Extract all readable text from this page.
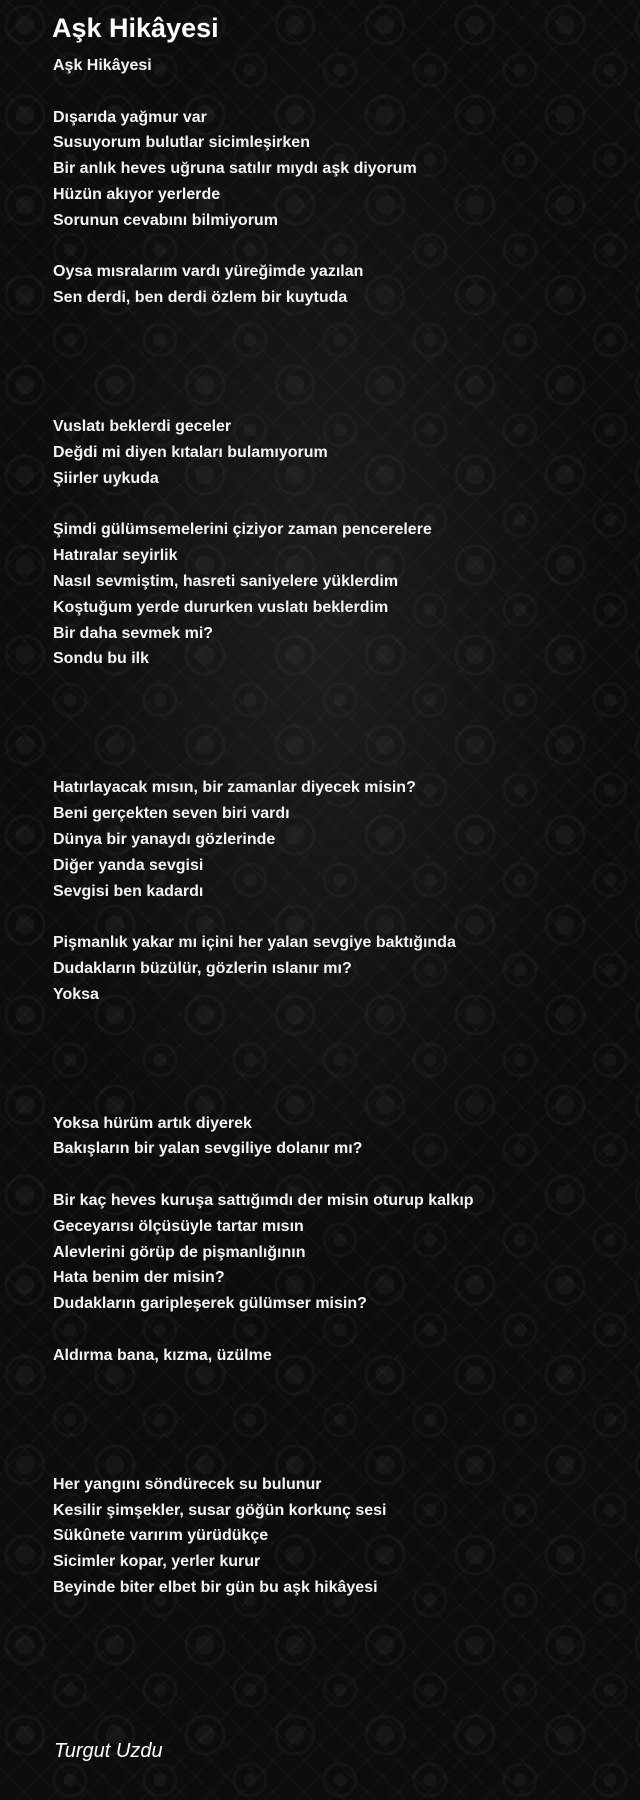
Aşk Hikâyesi
Aşk Hikâyesi
Dışarıda yağmur var
Susuyorum bulutlar sicimleşirken
Bir anlık heves uğruna satılır mıydı aşk diyorum
Hüzün akıyor yerlerde
Sorunun cevabını bilmiyorum
Oysa mısralarım vardı yüreğimde yazılan
Sen derdi, ben derdi özlem bir kuytuda
Vuslatı beklerdi geceler
Değdi mi diyen kıtaları bulamıyorum
Şiirler uykuda
Şimdi gülümsemelerini çiziyor zaman pencerelere
Hatıralar seyirlik
Nasıl sevmiştim, hasreti saniyelere yüklerdim
Koştuğum yerde dururken vuslatı beklerdim
Bir daha sevmek mi?
Sondu bu ilk
Hatırlayacak mısın, bir zamanlar diyecek misin?
Beni gerçekten seven biri vardı
Dünya bir yanaydı gözlerinde
Diğer yanda sevgisi
Sevgisi ben kadardı
Pişmanlık yakar mı içini her yalan sevgiye baktığında
Dudakların büzülür, gözlerin ıslanır mı?
Yoksa
Yoksa hürüm artık diyerek
Bakışların bir yalan sevgiliye dolanır mı?
Bir kaç heves kuruşa sattığımdı der misin oturup kalkıp
Geceyarısı ölçüsüyle tartar mısın
Alevlerini görüp de pişmanlığının
Hata benim der misin?
Dudakların garipleşerek gülümser misin?
Aldırma bana, kızma, üzülme
Her yangını söndürecek su bulunur
Kesilir şimşekler, susar göğün korkunç sesi
Sükûnete varırım yürüdükçe
Sicimler kopar, yerler kurur
Beyinde biter elbet bir gün bu aşk hikâyesi
Turgut Uzdu
